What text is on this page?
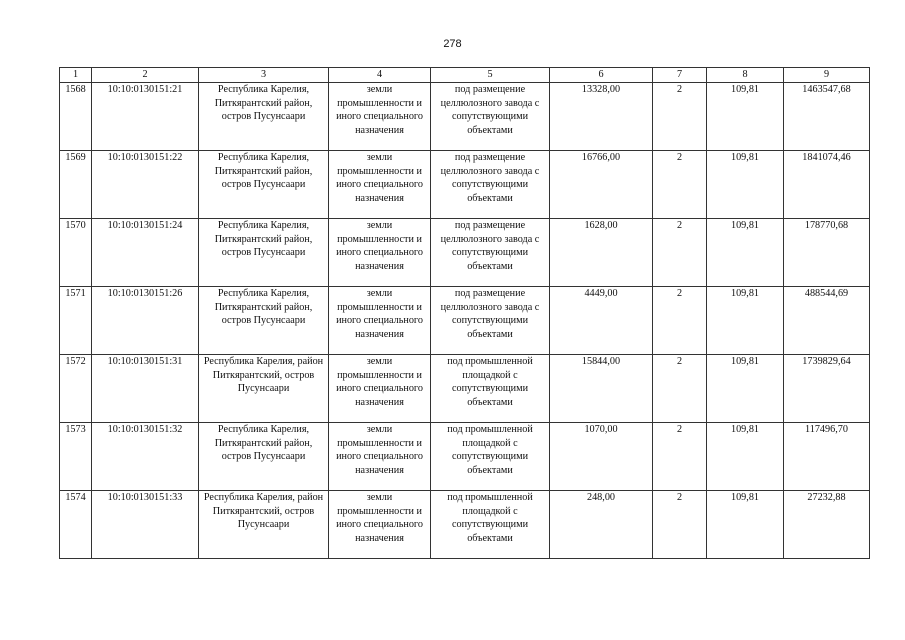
278
1	2	3	4	5	6	7	8	9
1568	10:10:0130151:21	Республика Карелия, Питкярантский район, остров Пусунсаари	земли промышленности и иного специального назначения	под размещение целлюлозного завода с сопутствующими объектами	13328,00	2	109,81	1463547,68
1569	10:10:0130151:22	Республика Карелия, Питкярантский район, остров Пусунсаари	земли промышленности и иного специального назначения	под размещение целлюлозного завода с сопутствующими объектами	16766,00	2	109,81	1841074,46
1570	10:10:0130151:24	Республика Карелия, Питкярантский район, остров Пусунсаари	земли промышленности и иного специального назначения	под размещение целлюлозного завода с сопутствующими объектами	1628,00	2	109,81	178770,68
1571	10:10:0130151:26	Республика Карелия, Питкярантский район, остров Пусунсаари	земли промышленности и иного специального назначения	под размещение целлюлозного завода с сопутствующими объектами	4449,00	2	109,81	488544,69
1572	10:10:0130151:31	Республика Карелия, район Питкярантский, остров Пусунсаари	земли промышленности и иного специального назначения	под промышленной площадкой с сопутствующими объектами	15844,00	2	109,81	1739829,64
1573	10:10:0130151:32	Республика Карелия, Питкярантский район, остров Пусунсаари	земли промышленности и иного специального назначения	под промышленной площадкой с сопутствующими объектами	1070,00	2	109,81	117496,70
1574	10:10:0130151:33	Республика Карелия, район Питкярантский, остров Пусунсаари	земли промышленности и иного специального назначения	под промышленной площадкой с сопутствующими объектами	248,00	2	109,81	27232,88
